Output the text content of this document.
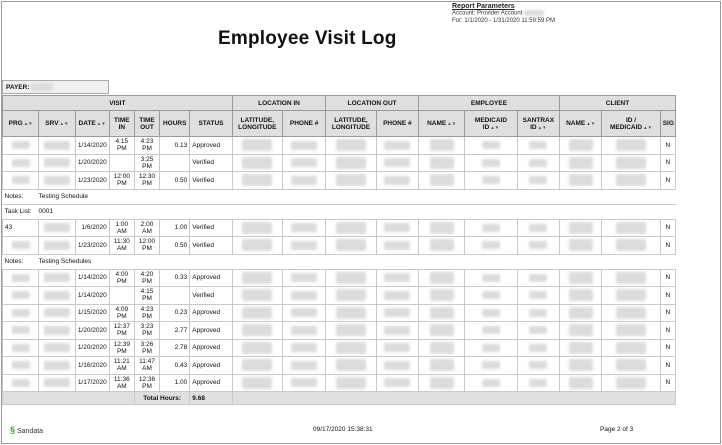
Report Parameters
Account: Provider Account
For: 1/1/2020 - 1/31/2020 11:59:59 PM
Employee Visit Log
PAYER:
VISIT							LOCATION IN		LOCATION OUT		EMPLOYEE			CLIENT		
PRG▲▼	SRV▲▼	DATE▲▼	TIME IN	TIME OUT	HOURS	STATUS	LATITUDE, LONGITUDE	PHONE #	LATITUDE, LONGITUDE	PHONE #	NAME▲▼	MEDICAID ID▲▼	SANTRAX ID▲▼	NAME▲▼	ID / MEDICAID▲▼	SIG
		1/14/2020	4:15 PM	4:23 PM	0.13	Approved										N
		1/20/2020		3:25 PM		Verified										N
		1/23/2020	12:00 PM	12:30 PM	0.50	Verified										N
Notes: Testing Schedule																
Task List: 0001																
43		1/6/2020	1:00 AM	2:00 AM	1.00	Verified										N
		1/23/2020	11:30 AM	12:00 PM	0.50	Verified										N
Notes: Testing Schedules																
		1/14/2020	4:00 PM	4:20 PM	0.33	Approved										N
		1/14/2020		4:15 PM		Verified										N
		1/15/2020	4:09 PM	4:23 PM	0.23	Approved										N
		1/20/2020	12:37 PM	3:23 PM	2.77	Approved										N
		1/20/2020	12:39 PM	3:26 PM	2.78	Approved										N
		1/16/2020	11:21 AM	11:47 AM	0.43	Approved										N
		1/17/2020	11:36 AM	12:36 PM	1.00	Approved										N
				Total Hours:		9.68										
§ Sandata	09/17/2020 15:38:31	Page 2 of 3
